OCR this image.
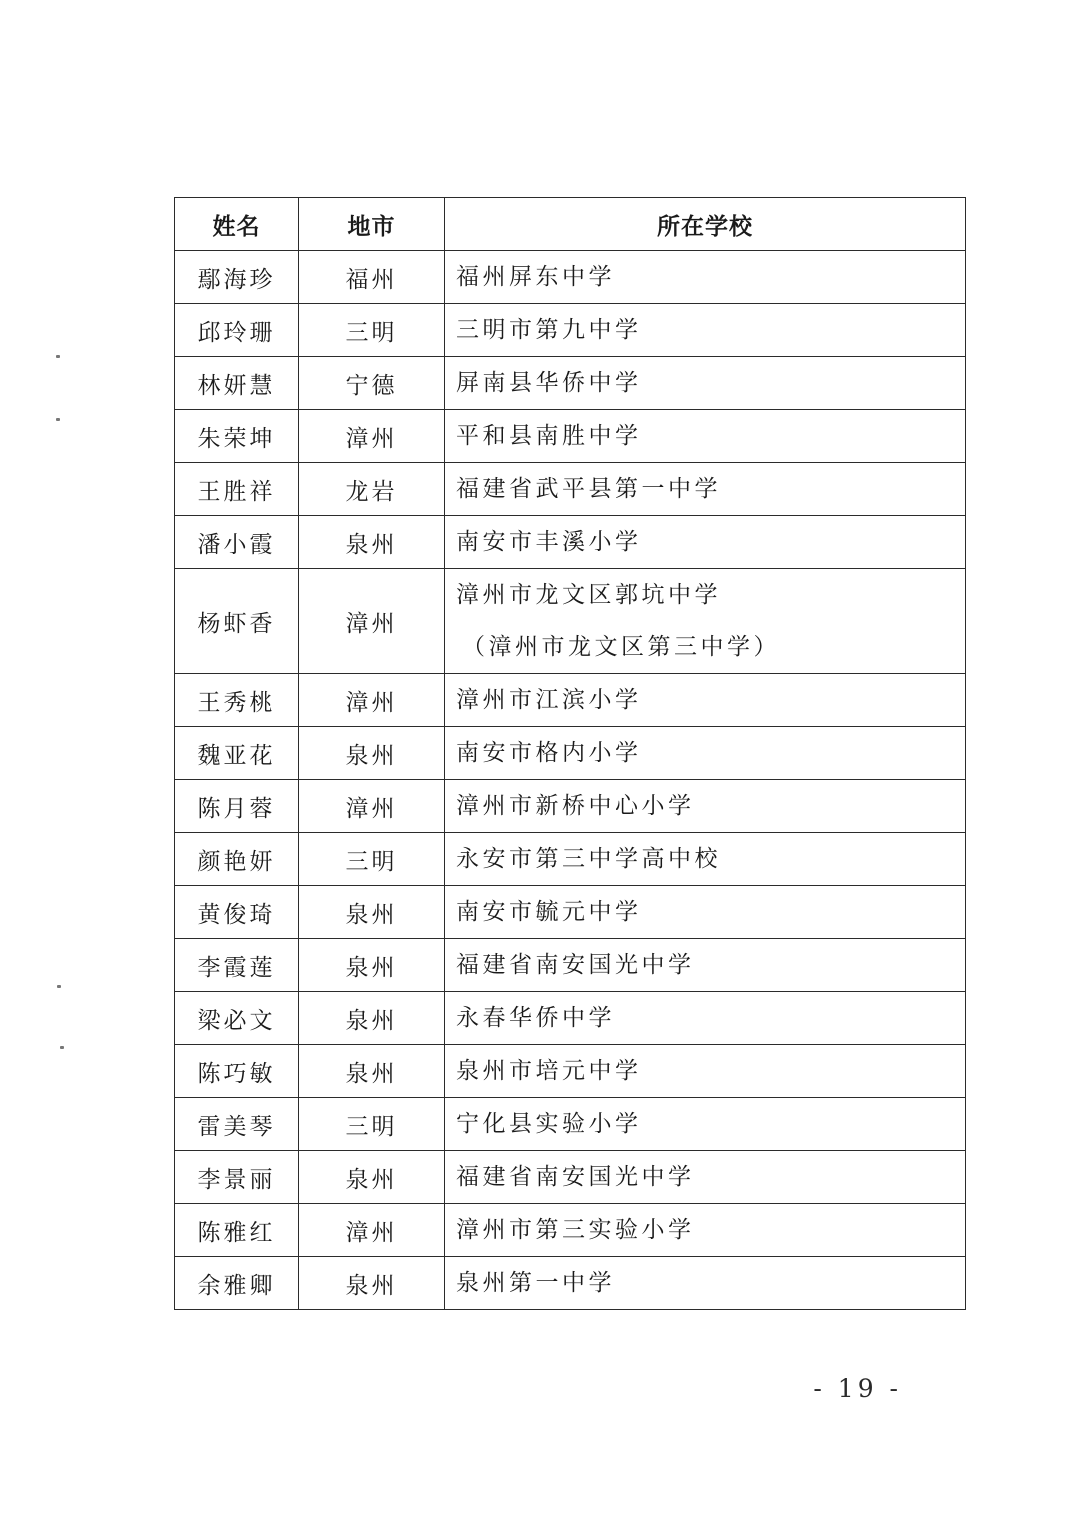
姓名	地市	所在学校
鄢海珍	福州	福州屏东中学

邱玲珊	三明	三明市第九中学

林妍慧	宁德	屏南县华侨中学

朱荣坤	漳州	平和县南胜中学

王胜祥	龙岩	福建省武平县第一中学

潘小霞	泉州	南安市丰溪小学

杨虾香	漳州	漳州市龙文区郭坑中学
（漳州市龙文区第三中学）

王秀桃	漳州	漳州市江滨小学

魏亚花	泉州	南安市格内小学

陈月蓉	漳州	漳州市新桥中心小学

颜艳妍	三明	永安市第三中学高中校

黄俊琦	泉州	南安市毓元中学

李霞莲	泉州	福建省南安国光中学

梁必文	泉州	永春华侨中学

陈巧敏	泉州	泉州市培元中学

雷美琴	三明	宁化县实验小学

李景丽	泉州	福建省南安国光中学

陈雅红	漳州	漳州市第三实验小学

余雅卿	泉州	泉州第一中学
- 19 -
